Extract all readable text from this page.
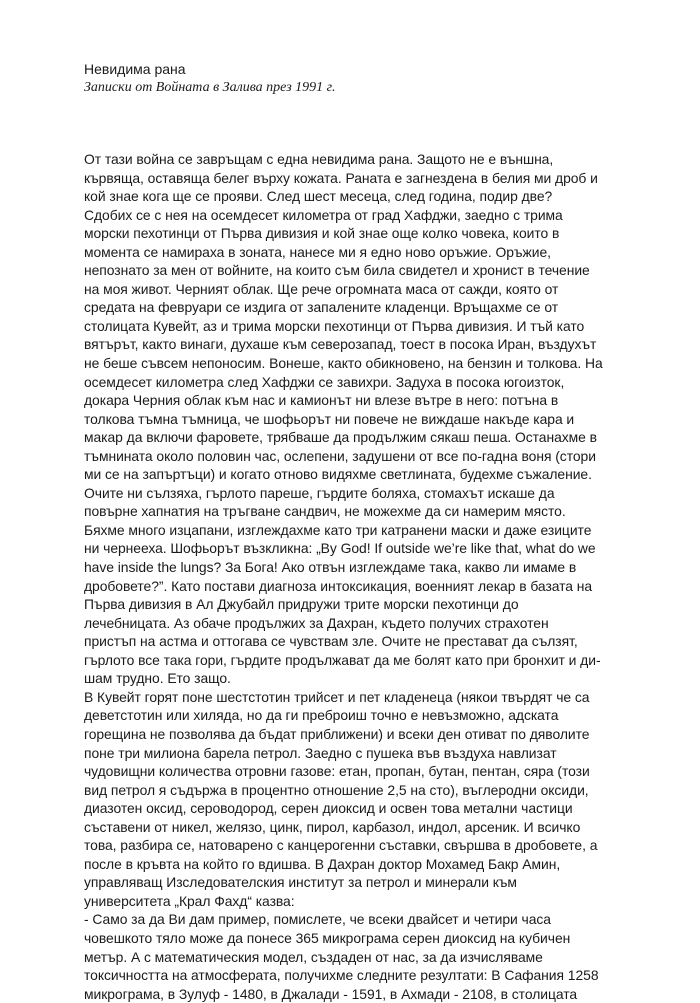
Невидима рана
Записки от Войната в Залива през 1991 г.
От тази война се завръщам с една невидима рана. Защото не е външна,
кървяща, оставяща белег върху кожата. Раната е загнездена в белия ми дроб и
кой знае кога ще се прояви. След шест месеца, след година, подир две?
Сдобих се с нея на осемдесет километра от град Хафджи, заедно с трима
морски пехотинци от Първа дивизия и кой знае още колко човека, които в
момента се намираха в зоната, нанесе ми я едно ново оръжие. Оръжие,
непознато за мен от войните, на които съм била свидетел и хронист в течение
на моя живот. Черният облак. Ще рече огромната маса от сажди, която от
средата на февруари се издига от запалените кладенци. Връщахме се от
столицата Кувейт, аз и трима морски пехотинци от Първа дивизия. И тъй като
вятърът, както винаги, духаше към северозапад, тоест в посока Иран, въздухът
не беше съвсем непоносим. Вонеше, както обикновено, на бензин и толкова. На
осемдесет километра след Хафджи се завихри. Задуха в посока югоизток,
докара Черния облак към нас и камионът ни влезе вътре в него: потъна в
толкова тъмна тъмница, че шофьорът ни повече не виждаше накъде кара и
макар да включи фаровете, трябваше да продължим сякаш пеша. Останахме в
тъмнината около половин час, ослепени, задушени от все по-гадна воня (стори
ми се на запъртъци) и когато отново видяхме светлината, будехме съжаление.
Очите ни сълзяха, гърлото пареше, гърдите боляха, стомахът искаше да
повърне хапнатия на тръгване сандвич, не можехме да си намерим място.
Бяхме много изцапани, изглеждахме като три катранени маски и даже езиците
ни чернееха. Шофьорът възкликна: „By God! If outside we’re like that, what do we
have inside the lungs? За Бога! Ако отвън изглеждаме така, какво ли имаме в
дробовете?”. Като постави диагноза интоксикация, военният лекар в базата на
Първа дивизия в Ал Джубайл придружи трите морски пехотинци до
лечебницата. Аз обаче продължих за Дахран, където получих страхотен
пристъп на астма и оттогава се чувствам зле. Очите не престават да сълзят,
гърлото все така гори, гърдите продължават да ме болят като при бронхит и ди-
шам трудно. Ето защо.
В Кувейт горят поне шестстотин трийсет и пет кладенеца (някои твърдят че са
деветстотин или хиляда, но да ги преброиш точно е невъзможно, адската
горещина не позволява да бъдат приближени) и всеки ден отиват по дяволите
поне три милиона барела петрол. Заедно с пушека във въздуха навлизат
чудовищни количества отровни газове: етан, пропан, бутан, пентан, сяра (този
вид петрол я съдържа в процентно отношение 2,5 на сто), въглеродни оксиди,
диазотен оксид, сероводород, серен диоксид и освен това метални частици
съставени от никел, желязо, цинк, пирол, карбазол, индол, арсеник. И всичко
това, разбира се, натоварено с канцерогенни съставки, свършва в дробовете, а
после в кръвта на който го вдишва. В Дахран доктор Мохамед Бакр Амин,
управляващ Изследователския институт за петрол и минерали към
университета „Крал Фахд“ казва:
- Само за да Ви дам пример, помислете, че всеки двайсет и четири часа
човешкото тяло може да понесе 365 микрограма серен диоксид на кубичен
метър. А с математическия модел, създаден от нас, за да изчисляваме
токсичността на атмосферата, получихме следните резултати: В Сафания 1258
микрограма, в Зулуф - 1480, в Джалади - 1591, в Ахмади - 2108, в столицата
